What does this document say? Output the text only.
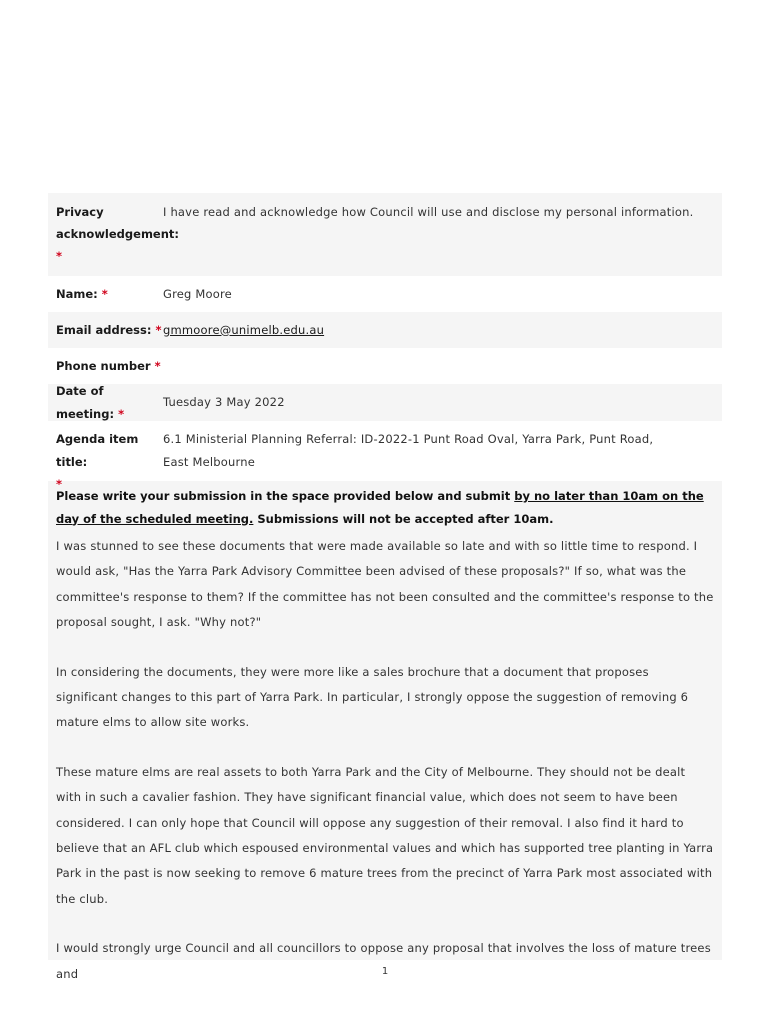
Privacy acknowledgement:
*
I have read and acknowledge how Council will use and disclose my personal information.
Name: *	Greg Moore
Email address: * gmmoore@unimelb.edu.au
Phone number *
Date of meeting: *
Tuesday 3 May 2022
Agenda item title:
*
6.1 Ministerial Planning Referral: ID-2022-1 Punt Road Oval, Yarra Park, Punt Road, East Melbourne
Please write your submission in the space provided below and submit by no later than 10am on the day of the scheduled meeting. Submissions will not be accepted after 10am.

I was stunned to see these documents that were made available so late and with so little time to respond. I would ask, "Has the Yarra Park Advisory Committee been advised of these proposals?" If so, what was the committee's response to them? If the committee has not been consulted and the committee's response to the proposal sought, I ask. "Why not?"

In considering the documents, they were more like a sales brochure that a document that proposes significant changes to this part of Yarra Park. In particular, I strongly oppose the suggestion of removing 6 mature elms to allow site works.

These mature elms are real assets to both Yarra Park and the City of Melbourne. They should not be dealt with in such a cavalier fashion. They have significant financial value, which does not seem to have been considered. I can only hope that Council will oppose any suggestion of their removal. I also find it hard to believe that an AFL club which espoused environmental values and which has supported tree planting in Yarra Park in the past is now seeking to remove 6 mature trees from the precinct of Yarra Park most associated with the club.

I would strongly urge Council and all councillors to oppose any proposal that involves the loss of mature trees and	1
